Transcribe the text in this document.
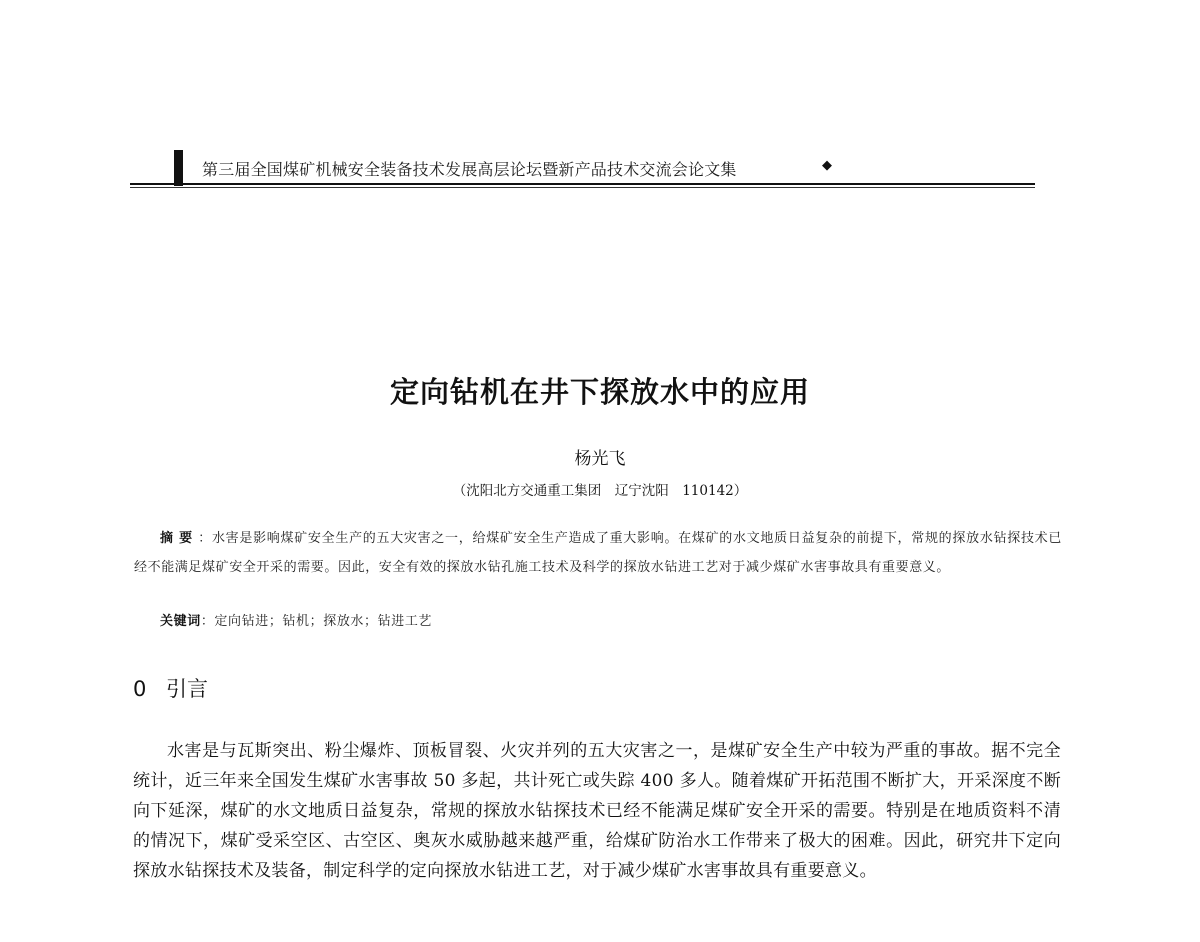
第三届全国煤矿机械安全装备技术发展高层论坛暨新产品技术交流会论文集	◆
定向钻机在井下探放水中的应用
杨光飞
（沈阳北方交通重工集团　辽宁沈阳　110142）
摘要：水害是影响煤矿安全生产的五大灾害之一，给煤矿安全生产造成了重大影响。在煤矿的水文地质日益复杂的前提下，常规的探放水钻探技术已经不能满足煤矿安全开采的需要。因此，安全有效的探放水钻孔施工技术及科学的探放水钻进工艺对于减少煤矿水害事故具有重要意义。
关键词：定向钻进；钻机；探放水；钻进工艺
0 引言
水害是与瓦斯突出、粉尘爆炸、顶板冒裂、火灾并列的五大灾害之一，是煤矿安全生产中较为严重的事故。据不完全统计，近三年来全国发生煤矿水害事故 50 多起，共计死亡或失踪 400 多人。随着煤矿开拓范围不断扩大，开采深度不断向下延深，煤矿的水文地质日益复杂，常规的探放水钻探技术已经不能满足煤矿安全开采的需要。特别是在地质资料不清的情况下，煤矿受采空区、古空区、奥灰水威胁越来越严重，给煤矿防治水工作带来了极大的困难。因此，研究井下定向探放水钻探技术及装备，制定科学的定向探放水钻进工艺，对于减少煤矿水害事故具有重要意义。
